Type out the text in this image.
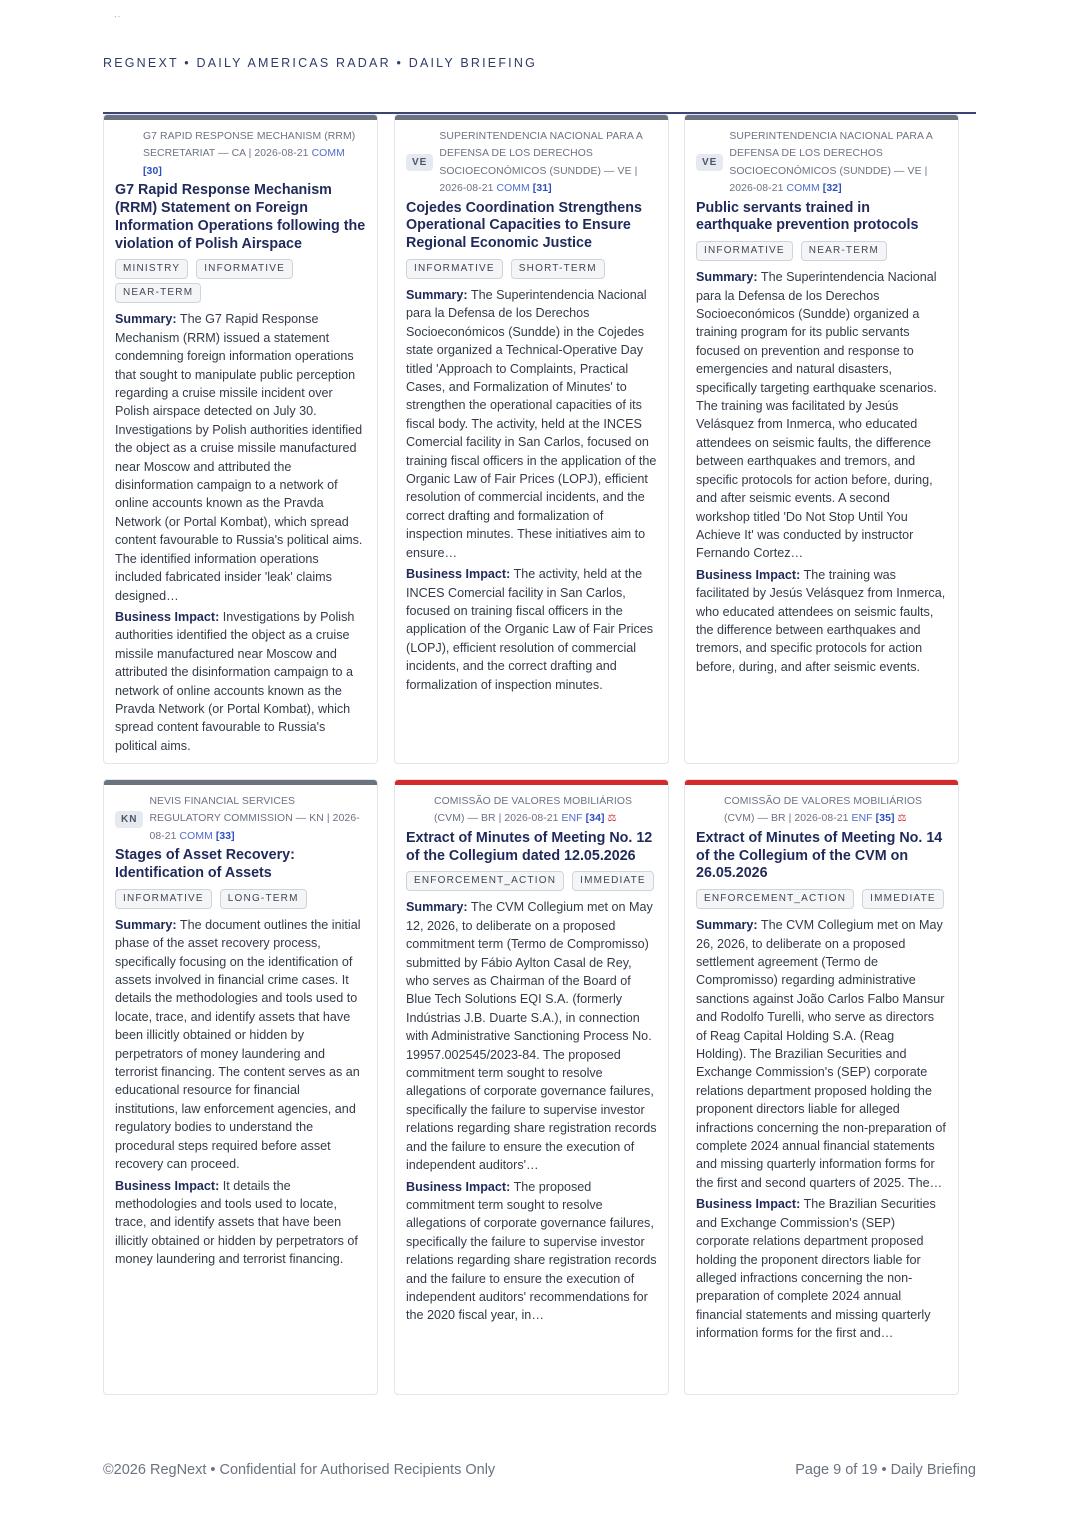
··
REGNEXT • DAILY AMERICAS RADAR • DAILY BRIEFING
G7 RAPID RESPONSE MECHANISM (RRM) SECRETARIAT — CA | 2026-08-21 COMM [30]
G7 Rapid Response Mechanism (RRM) Statement on Foreign Information Operations following the violation of Polish Airspace
MINISTRY	INFORMATIVE
NEAR-TERM

Summary: The G7 Rapid Response Mechanism (RRM) issued a statement condemning foreign information operations that sought to manipulate public perception regarding a cruise missile incident over Polish airspace detected on July 30. Investigations by Polish authorities identified the object as a cruise missile manufactured near Moscow and attributed the disinformation campaign to a network of online accounts known as the Pravda Network (or Portal Kombat), which spread content favourable to Russia's political aims. The identified information operations included fabricated insider 'leak' claims designed…

Business Impact: Investigations by Polish authorities identified the object as a cruise missile manufactured near Moscow and attributed the disinformation campaign to a network of online accounts known as the Pravda Network (or Portal Kombat), which spread content favourable to Russia's political aims.

VE
SUPERINTENDENCIA NACIONAL PARA A DEFENSA DE LOS DERECHOS SOCIOECONÓMICOS (SUNDDE) — VE | 2026-08-21 COMM [31]
Cojedes Coordination Strengthens Operational Capacities to Ensure Regional Economic Justice
INFORMATIVE	SHORT-TERM

Summary: The Superintendencia Nacional para la Defensa de los Derechos Socioeconómicos (Sundde) in the Cojedes state organized a Technical-Operative Day titled 'Approach to Complaints, Practical Cases, and Formalization of Minutes' to strengthen the operational capacities of its fiscal body. The activity, held at the INCES Comercial facility in San Carlos, focused on training fiscal officers in the application of the Organic Law of Fair Prices (LOPJ), efficient resolution of commercial incidents, and the correct drafting and formalization of inspection minutes. These initiatives aim to ensure…

Business Impact: The activity, held at the INCES Comercial facility in San Carlos, focused on training fiscal officers in the application of the Organic Law of Fair Prices (LOPJ), efficient resolution of commercial incidents, and the correct drafting and formalization of inspection minutes.

VE
SUPERINTENDENCIA NACIONAL PARA A DEFENSA DE LOS DERECHOS SOCIOECONÓMICOS (SUNDDE) — VE | 2026-08-21 COMM [32]
Public servants trained in earthquake prevention protocols
INFORMATIVE	NEAR-TERM

Summary: The Superintendencia Nacional para la Defensa de los Derechos Socioeconómicos (Sundde) organized a training program for its public servants focused on prevention and response to emergencies and natural disasters, specifically targeting earthquake scenarios. The training was facilitated by Jesús Velásquez from Inmerca, who educated attendees on seismic faults, the difference between earthquakes and tremors, and specific protocols for action before, during, and after seismic events. A second workshop titled 'Do Not Stop Until You Achieve It' was conducted by instructor Fernando Cortez…

Business Impact: The training was facilitated by Jesús Velásquez from Inmerca, who educated attendees on seismic faults, the difference between earthquakes and tremors, and specific protocols for action before, during, and after seismic events.

KN
NEVIS FINANCIAL SERVICES REGULATORY COMMISSION — KN | 2026-08-21 COMM [33]
Stages of Asset Recovery: Identification of Assets
INFORMATIVE	LONG-TERM

Summary: The document outlines the initial phase of the asset recovery process, specifically focusing on the identification of assets involved in financial crime cases. It details the methodologies and tools used to locate, trace, and identify assets that have been illicitly obtained or hidden by perpetrators of money laundering and terrorist financing. The content serves as an educational resource for financial institutions, law enforcement agencies, and regulatory bodies to understand the procedural steps required before asset recovery can proceed.

Business Impact: It details the methodologies and tools used to locate, trace, and identify assets that have been illicitly obtained or hidden by perpetrators of money laundering and terrorist financing.

COMISSÃO DE VALORES MOBILIÁRIOS (CVM) — BR | 2026-08-21 ENF [34] ⚖
Extract of Minutes of Meeting No. 12 of the Collegium dated 12.05.2026
ENFORCEMENT_ACTION	IMMEDIATE

Summary: The CVM Collegium met on May 12, 2026, to deliberate on a proposed commitment term (Termo de Compromisso) submitted by Fábio Aylton Casal de Rey, who serves as Chairman of the Board of Blue Tech Solutions EQI S.A. (formerly Indústrias J.B. Duarte S.A.), in connection with Administrative Sanctioning Process No. 19957.002545/2023-84. The proposed commitment term sought to resolve allegations of corporate governance failures, specifically the failure to supervise investor relations regarding share registration records and the failure to ensure the execution of independent auditors'…

Business Impact: The proposed commitment term sought to resolve allegations of corporate governance failures, specifically the failure to supervise investor relations regarding share registration records and the failure to ensure the execution of independent auditors' recommendations for the 2020 fiscal year, in…

COMISSÃO DE VALORES MOBILIÁRIOS (CVM) — BR | 2026-08-21 ENF [35] ⚖
Extract of Minutes of Meeting No. 14 of the Collegium of the CVM on 26.05.2026
ENFORCEMENT_ACTION	IMMEDIATE

Summary: The CVM Collegium met on May 26, 2026, to deliberate on a proposed settlement agreement (Termo de Compromisso) regarding administrative sanctions against João Carlos Falbo Mansur and Rodolfo Turelli, who serve as directors of Reag Capital Holding S.A. (Reag Holding). The Brazilian Securities and Exchange Commission's (SEP) corporate relations department proposed holding the proponent directors liable for alleged infractions concerning the non-preparation of complete 2024 annual financial statements and missing quarterly information forms for the first and second quarters of 2025. The…

Business Impact: The Brazilian Securities and Exchange Commission's (SEP) corporate relations department proposed holding the proponent directors liable for alleged infractions concerning the non-preparation of complete 2024 annual financial statements and missing quarterly information forms for the first and…

©2026 RegNext • Confidential for Authorised Recipients Only	Page 9 of 19 • Daily Briefing
